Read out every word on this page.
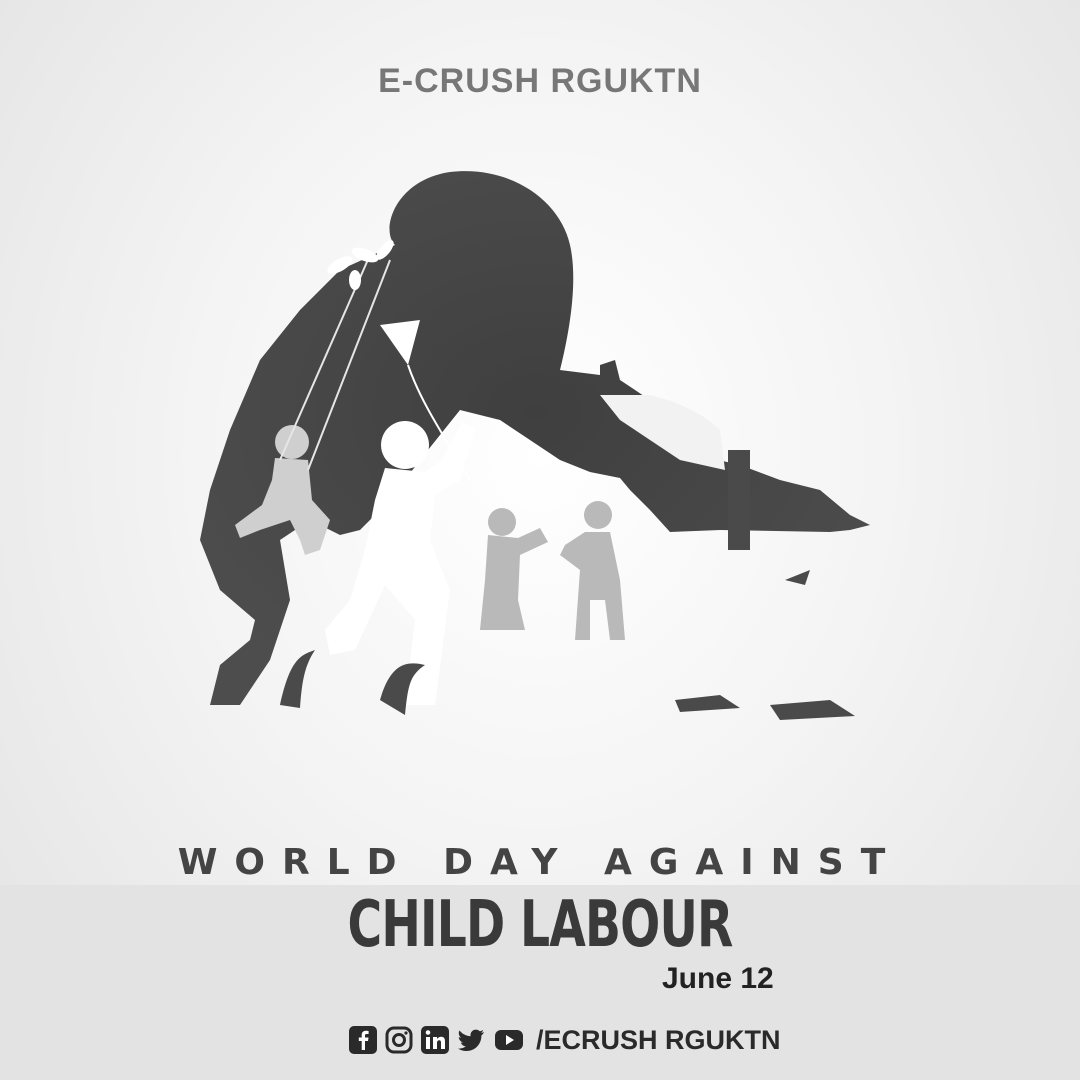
E-CRUSH RGUKTN
WORLD DAY AGAINST
CHILD LABOUR
June 12
/ECRUSH RGUKTN
